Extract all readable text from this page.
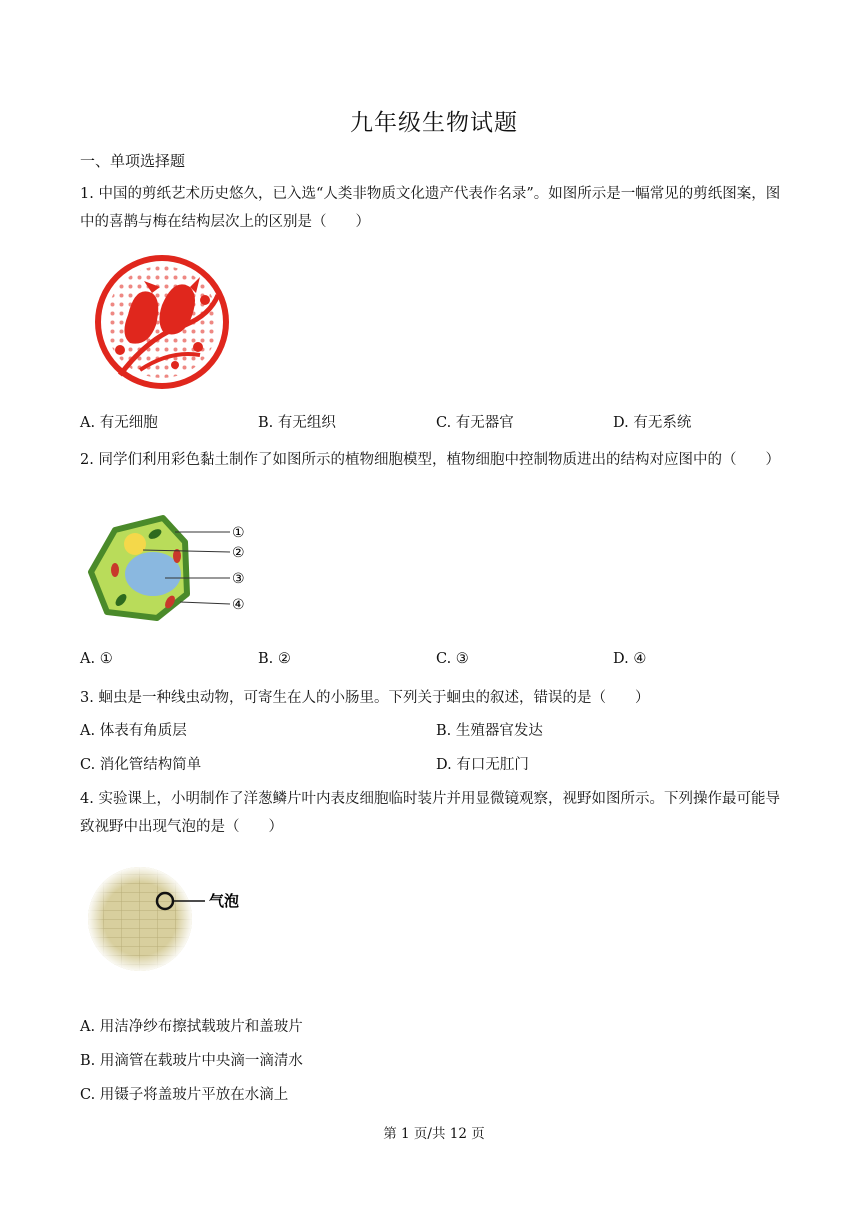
九年级生物试题
一、单项选择题
1. 中国的剪纸艺术历史悠久，已入选“人类非物质文化遗产代表作名录”。如图所示是一幅常见的剪纸图案，图中的喜鹊与梅在结构层次上的区别是（　　）
A. 有无细胞	B. 有无组织	C. 有无器官	D. 有无系统
2. 同学们利用彩色黏土制作了如图所示的植物细胞模型，植物细胞中控制物质进出的结构对应图中的（　　）
①
②
③
④
A. ①	B. ②	C. ③	D. ④
3. 蛔虫是一种线虫动物，可寄生在人的小肠里。下列关于蛔虫的叙述，错误的是（　　）
A. 体表有角质层	B. 生殖器官发达
C. 消化管结构简单	D. 有口无肛门
4. 实验课上，小明制作了洋葱鳞片叶内表皮细胞临时装片并用显微镜观察，视野如图所示。下列操作最可能导致视野中出现气泡的是（　　）
气泡
A. 用洁净纱布擦拭载玻片和盖玻片
B. 用滴管在载玻片中央滴一滴清水
C. 用镊子将盖玻片平放在水滴上
第 1 页/共 12 页
